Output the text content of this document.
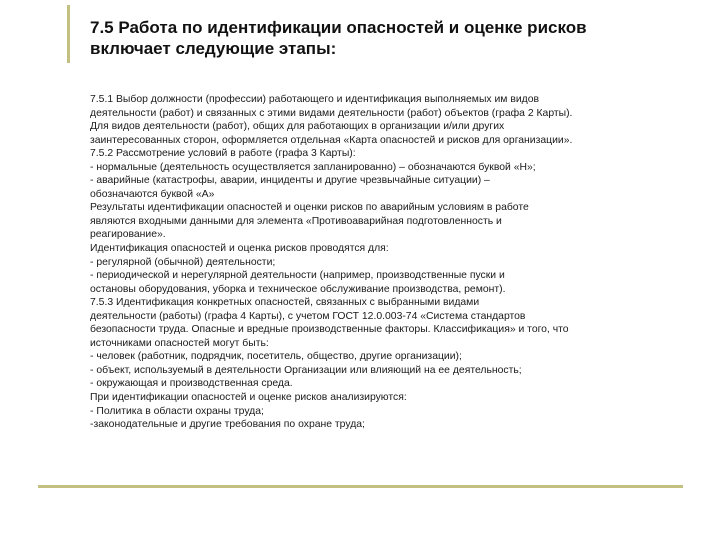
7.5 Работа по идентификации опасностей и оценке рисков
включает следующие этапы:
7.5.1 Выбор должности (профессии) работающего и идентификация выполняемых им видов
деятельности (работ) и связанных с этими видами деятельности (работ) объектов (графа 2 Карты).
Для видов деятельности (работ), общих для работающих в организации и/или других
заинтересованных сторон, оформляется отдельная «Карта опасностей и рисков для организации».
7.5.2 Рассмотрение условий в работе (графа 3 Карты):
- нормальные (деятельность осуществляется запланированно) – обозначаются буквой «Н»;
- аварийные (катастрофы, аварии, инциденты и другие чрезвычайные ситуации) –
обозначаются буквой «А»
Результаты идентификации опасностей и оценки рисков по аварийным условиям в работе
являются входными данными для элемента «Противоаварийная подготовленность и
реагирование».
Идентификация опасностей и оценка рисков проводятся для:
- регулярной (обычной) деятельности;
- периодической и нерегулярной деятельности (например, производственные пуски и
остановы оборудования, уборка и техническое обслуживание производства, ремонт).
7.5.3 Идентификация конкретных опасностей, связанных с выбранными видами
деятельности (работы) (графа 4 Карты), с учетом ГОСТ 12.0.003-74 «Система стандартов
безопасности труда. Опасные и вредные производственные факторы. Классификация» и того, что
источниками опасностей могут быть:
- человек (работник, подрядчик, посетитель, общество, другие организации);
- объект, используемый в деятельности Организации или влияющий на ее деятельность;
- окружающая и производственная среда.
При идентификации опасностей и оценке рисков анализируются:
- Политика в области охраны труда;
-законодательные и другие требования по охране труда;
